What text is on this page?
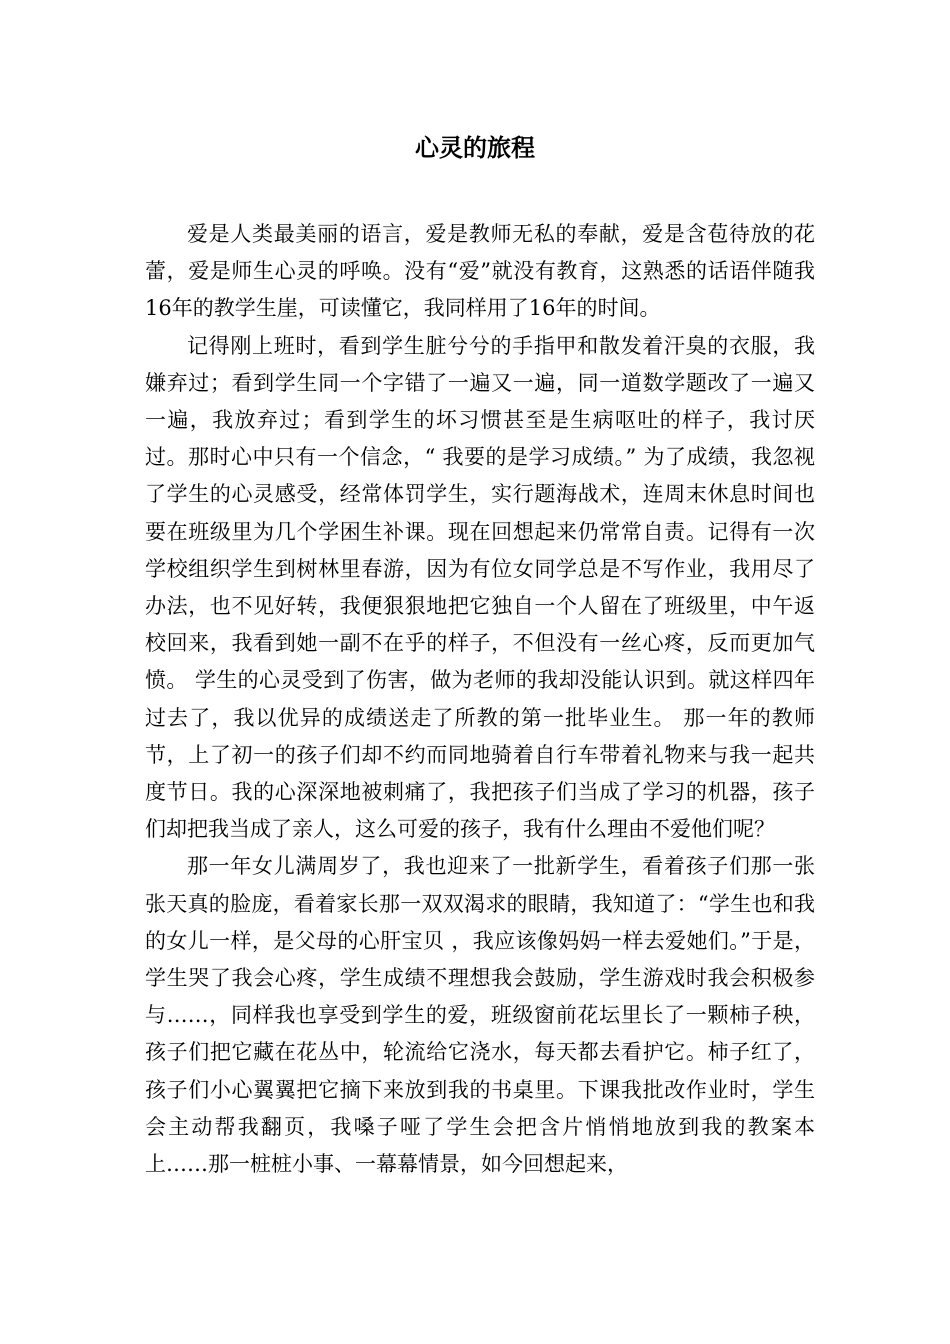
心灵的旅程

爱是人类最美丽的语言，爱是教师无私的奉献，爱是含苞待放的花蕾，爱是师生心灵的呼唤。没有“爱”就没有教育，这熟悉的话语伴随我16年的教学生崖，可读懂它，我同样用了16年的时间。

记得刚上班时，看到学生脏兮兮的手指甲和散发着汗臭的衣服，我嫌弃过；看到学生同一个字错了一遍又一遍，同一道数学题改了一遍又一遍，我放弃过；看到学生的坏习惯甚至是生病呕吐的样子，我讨厌过。那时心中只有一个信念，“ 我要的是学习成绩。” 为了成绩，我忽视了学生的心灵感受，经常体罚学生，实行题海战术，连周末休息时间也要在班级里为几个学困生补课。现在回想起来仍常常自责。记得有一次学校组织学生到树林里春游，因为有位女同学总是不写作业，我用尽了办法，也不见好转，我便狠狠地把它独自一个人留在了班级里，中午返校回来，我看到她一副不在乎的样子，不但没有一丝心疼，反而更加气愤。 学生的心灵受到了伤害，做为老师的我却没能认识到。就这样四年过去了，我以优异的成绩送走了所教的第一批毕业生。 那一年的教师节，上了初一的孩子们却不约而同地骑着自行车带着礼物来与我一起共度节日。我的心深深地被刺痛了，我把孩子们当成了学习的机器，孩子们却把我当成了亲人，这么可爱的孩子，我有什么理由不爱他们呢？

那一年女儿满周岁了，我也迎来了一批新学生，看着孩子们那一张张天真的脸庞，看着家长那一双双渴求的眼睛，我知道了：“学生也和我的女儿一样，是父母的心肝宝贝 ，我应该像妈妈一样去爱她们。”于是，学生哭了我会心疼，学生成绩不理想我会鼓励，学生游戏时我会积极参与……，同样我也享受到学生的爱，班级窗前花坛里长了一颗柿子秧，孩子们把它藏在花丛中，轮流给它浇水，每天都去看护它。柿子红了，孩子们小心翼翼把它摘下来放到我的书桌里。下课我批改作业时，学生会主动帮我翻页，我嗓子哑了学生会把含片悄悄地放到我的教案本上……那一桩桩小事、一幕幕情景，如今回想起来，
